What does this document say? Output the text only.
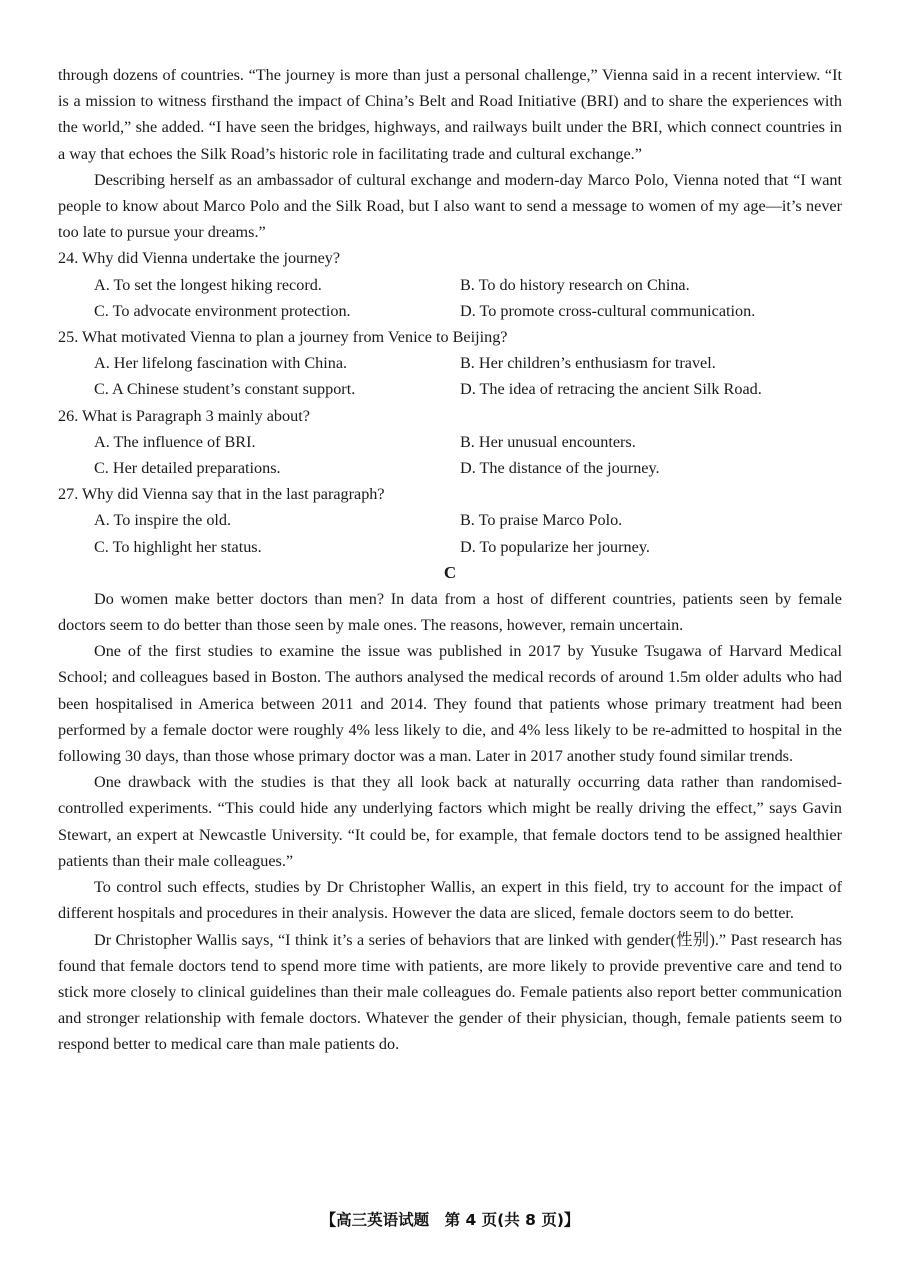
through dozens of countries. “The journey is more than just a personal challenge,” Vienna said in a recent interview. “It is a mission to witness firsthand the impact of China’s Belt and Road Initiative (BRI) and to share the experiences with the world,” she added. “I have seen the bridges, highways, and railways built under the BRI, which connect countries in a way that echoes the Silk Road’s historic role in facilitating trade and cultural exchange.”

Describing herself as an ambassador of cultural exchange and modern-day Marco Polo, Vienna noted that “I want people to know about Marco Polo and the Silk Road, but I also want to send a message to women of my age—it’s never too late to pursue your dreams.”

24. Why did Vienna undertake the journey?

A. To set the longest hiking record.	B. To do history research on China.
C. To advocate environment protection.	D. To promote cross-cultural communication.

25. What motivated Vienna to plan a journey from Venice to Beijing?

A. Her lifelong fascination with China.	B. Her children’s enthusiasm for travel.
C. A Chinese student’s constant support.	D. The idea of retracing the ancient Silk Road.

26. What is Paragraph 3 mainly about?

A. The influence of BRI.	B. Her unusual encounters.
C. Her detailed preparations.	D. The distance of the journey.

27. Why did Vienna say that in the last paragraph?

A. To inspire the old.	B. To praise Marco Polo.
C. To highlight her status.	D. To popularize her journey.

C

Do women make better doctors than men? In data from a host of different countries, patients seen by female doctors seem to do better than those seen by male ones. The reasons, however, remain uncertain.

One of the first studies to examine the issue was published in 2017 by Yusuke Tsugawa of Harvard Medical School; and colleagues based in Boston. The authors analysed the medical records of around 1.5m older adults who had been hospitalised in America between 2011 and 2014. They found that patients whose primary treatment had been performed by a female doctor were roughly 4% less likely to die, and 4% less likely to be re-admitted to hospital in the following 30 days, than those whose primary doctor was a man. Later in 2017 another study found similar trends.

One drawback with the studies is that they all look back at naturally occurring data rather than randomised-controlled experiments. “This could hide any underlying factors which might be really driving the effect,” says Gavin Stewart, an expert at Newcastle University. “It could be, for example, that female doctors tend to be assigned healthier patients than their male colleagues.”

To control such effects, studies by Dr Christopher Wallis, an expert in this field, try to account for the impact of different hospitals and procedures in their analysis. However the data are sliced, female doctors seem to do better.

Dr Christopher Wallis says, “I think it’s a series of behaviors that are linked with gender(性别).” Past research has found that female doctors tend to spend more time with patients, are more likely to provide preventive care and tend to stick more closely to clinical guidelines than their male colleagues do. Female patients also report better communication and stronger relationship with female doctors. Whatever the gender of their physician, though, female patients seem to respond better to medical care than male patients do.

【高三英语试题　第 4 页(共 8 页)】
